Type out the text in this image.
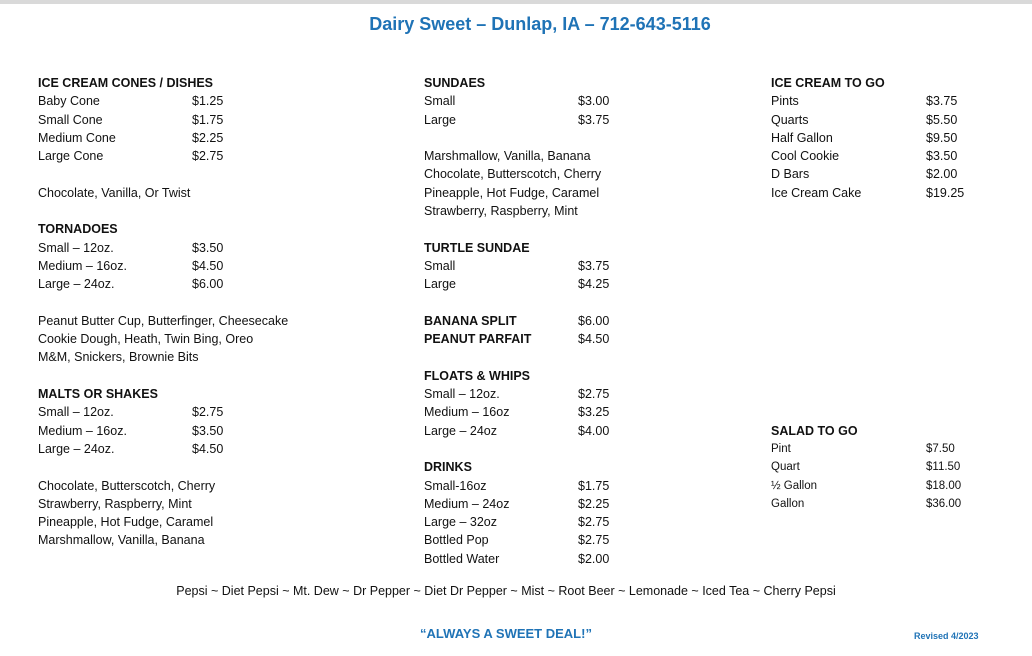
Dairy Sweet – Dunlap, IA – 712-643-5116
ICE CREAM CONES / DISHES
Baby Cone	$1.25
Small Cone	$1.75
Medium Cone	$2.25
Large Cone	$2.75
Chocolate, Vanilla, Or Twist
TORNADOES
Small – 12oz.	$3.50
Medium – 16oz.	$4.50
Large – 24oz.	$6.00
Peanut Butter Cup, Butterfinger, Cheesecake
Cookie Dough, Heath, Twin Bing, Oreo
M&M, Snickers, Brownie Bits
MALTS OR SHAKES
Small – 12oz.	$2.75
Medium – 16oz.	$3.50
Large – 24oz.	$4.50
Chocolate, Butterscotch, Cherry
Strawberry, Raspberry, Mint
Pineapple, Hot Fudge, Caramel
Marshmallow, Vanilla, Banana
SUNDAES
Small	$3.00
Large	$3.75
Marshmallow, Vanilla, Banana
Chocolate, Butterscotch, Cherry
Pineapple, Hot Fudge, Caramel
Strawberry, Raspberry, Mint
TURTLE SUNDAE
Small	$3.75
Large	$4.25
BANANA SPLIT	$6.00
PEANUT PARFAIT	$4.50
FLOATS & WHIPS
Small – 12oz.	$2.75
Medium – 16oz	$3.25
Large – 24oz	$4.00
DRINKS
Small-16oz	$1.75
Medium – 24oz	$2.25
Large – 32oz	$2.75
Bottled Pop	$2.75
Bottled Water	$2.00
ICE CREAM TO GO
Pints	$3.75
Quarts	$5.50
Half Gallon	$9.50
Cool Cookie	$3.50
D Bars	$2.00
Ice Cream Cake	$19.25
SALAD TO GO
Pint	$7.50
Quart	$11.50
½ Gallon	$18.00
Gallon	$36.00
Pepsi ~ Diet Pepsi ~ Mt. Dew ~ Dr Pepper ~ Diet Dr Pepper ~ Mist ~ Root Beer ~ Lemonade ~ Iced Tea ~ Cherry Pepsi
“ALWAYS A SWEET DEAL!”	Revised 4/2023
